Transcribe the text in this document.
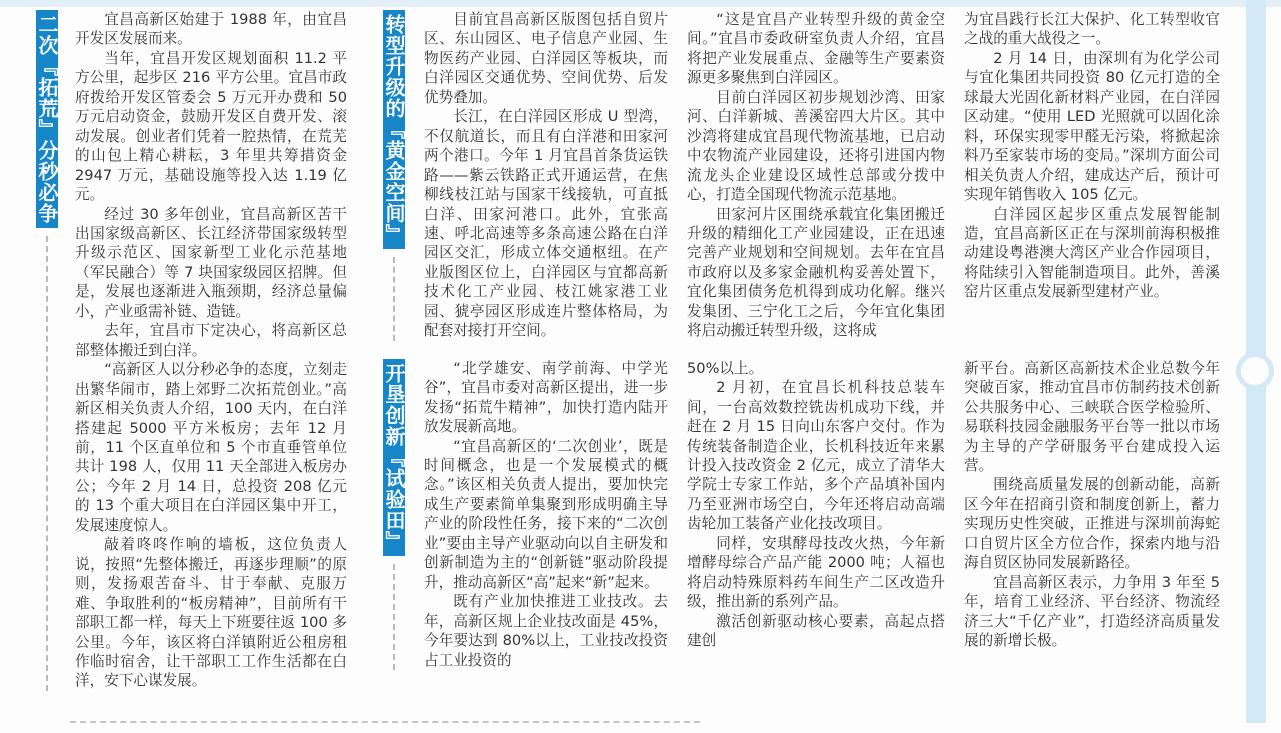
二次『拓荒』分秒必争	宜昌高新区始建于 1988 年，由宜昌开发区发展而来。

当年，宜昌开发区规划面积 11.2 平方公里，起步区 216 平方公里。宜昌市政府拨给开发区管委会 5 万元开办费和 50 万元启动资金，鼓励开发区自费开发、滚动发展。创业者们凭着一腔热情，在荒芜的山包上精心耕耘，3 年里共筹措资金 2947 万元，基础设施等投入达 1.19 亿元。

经过 30 多年创业，宜昌高新区苦干出国家级高新区、长江经济带国家级转型升级示范区、国家新型工业化示范基地（军民融合）等 7 块国家级园区招牌。但是，发展也逐渐进入瓶颈期，经济总量偏小，产业亟需补链、造链。

去年，宜昌市下定决心，将高新区总部整体搬迁到白洋。

“高新区人以分秒必争的态度，立刻走出繁华闹市，踏上郊野二次拓荒创业。”高新区相关负责人介绍，100 天内，在白洋搭建起 5000 平方米板房；去年 12 月前，11 个区直单位和 5 个市直垂管单位共计 198 人，仅用 11 天全部进入板房办公；今年 2 月 14 日，总投资 208 亿元的 13 个重大项目在白洋园区集中开工，发展速度惊人。

敲着咚咚作响的墙板，这位负责人说，按照“先整体搬迁，再逐步理顺”的原则，发扬艰苦奋斗、甘于奉献、克服万难、争取胜利的“板房精神”，目前所有干部职工都一样，每天上下班要往返 100 多公里。今年，该区将白洋镇附近公租房租作临时宿舍，让干部职工工作生活都在白洋，安下心谋发展。

转型升级的『黄金空间』	目前宜昌高新区版图包括自贸片区、东山园区、电子信息产业园、生物医药产业园、白洋园区等板块，而白洋园区交通优势、空间优势、后发优势叠加。

长江，在白洋园区形成 U 型湾，不仅航道长，而且有白洋港和田家河两个港口。今年 1 月宜昌首条货运铁路——紫云铁路正式开通运营，在焦柳线枝江站与国家干线接轨，可直抵白洋、田家河港口。此外，宜张高速、呼北高速等多条高速公路在白洋园区交汇，形成立体交通枢纽。在产业版图区位上，白洋园区与宜都高新技术化工产业园、枝江姚家港工业园、猇亭园区形成连片整体格局，为配套对接打开空间。

“这是宜昌产业转型升级的黄金空间。”宜昌市委政研室负责人介绍，宜昌将把产业发展重点、金融等生产要素资源更多聚焦到白洋园区。

目前白洋园区初步规划沙湾、田家河、白洋新城、善溪窑四大片区。其中沙湾将建成宜昌现代物流基地，已启动中农物流产业园建设，还将引进国内物流龙头企业建设区域性总部或分拨中心，打造全国现代物流示范基地。

田家河片区围绕承载宜化集团搬迁升级的精细化工产业园建设，正在迅速完善产业规划和空间规划。去年在宜昌市政府以及多家金融机构妥善处置下，宜化集团债务危机得到成功化解。继兴发集团、三宁化工之后，今年宜化集团将启动搬迁转型升级，这将成

为宜昌践行长江大保护、化工转型收官之战的重大战役之一。

2 月 14 日，由深圳有为化学公司与宜化集团共同投资 80 亿元打造的全球最大光固化新材料产业园，在白洋园区动建。“使用 LED 光照就可以固化涂料，环保实现零甲醛无污染，将掀起涂料乃至家装市场的变局。”深圳方面公司相关负责人介绍，建成达产后，预计可实现年销售收入 105 亿元。

白洋园区起步区重点发展智能制造，宜昌高新区正在与深圳前海积极推动建设粤港澳大湾区产业合作园项目，将陆续引入智能制造项目。此外，善溪窑片区重点发展新型建材产业。

开垦创新『试验田』	“北学雄安、南学前海、中学光谷”，宜昌市委对高新区提出，进一步发扬“拓荒牛精神”，加快打造内陆开放发展新高地。

“宜昌高新区的‘二次创业’，既是时间概念，也是一个发展模式的概念。”该区相关负责人提出，要加快完成生产要素简单集聚到形成明确主导产业的阶段性任务，接下来的“二次创业”要由主导产业驱动向以自主研发和创新制造为主的“创新链”驱动阶段提升，推动高新区“高”起来“新”起来。

既有产业加快推进工业技改。去年，高新区规上企业技改面是 45%，今年要达到 80%以上，工业技改投资占工业投资的

50%以上。

2 月初，在宜昌长机科技总装车间，一台高效数控铣齿机成功下线，并赶在 2 月 15 日向山东客户交付。作为传统装备制造企业，长机科技近年来累计投入技改资金 2 亿元，成立了清华大学院士专家工作站，多个产品填补国内乃至亚洲市场空白，今年还将启动高端齿轮加工装备产业化技改项目。

同样，安琪酵母技改火热，今年新增酵母综合产品产能 2000 吨；人福也将启动特殊原料药车间生产二区改造升级，推出新的系列产品。

激活创新驱动核心要素，高起点搭建创

新平台。高新区高新技术企业总数今年突破百家，推动宜昌市仿制药技术创新公共服务中心、三峡联合医学检验所、易联科技园金融服务平台等一批以市场为主导的产学研服务平台建成投入运营。

围绕高质量发展的创新动能，高新区今年在招商引资和制度创新上，蓄力实现历史性突破，正推进与深圳前海蛇口自贸片区全方位合作，探索内地与沿海自贸区协同发展新路径。

宜昌高新区表示，力争用 3 年至 5 年，培育工业经济、平台经济、物流经济三大“千亿产业”，打造经济高质量发展的新增长极。
